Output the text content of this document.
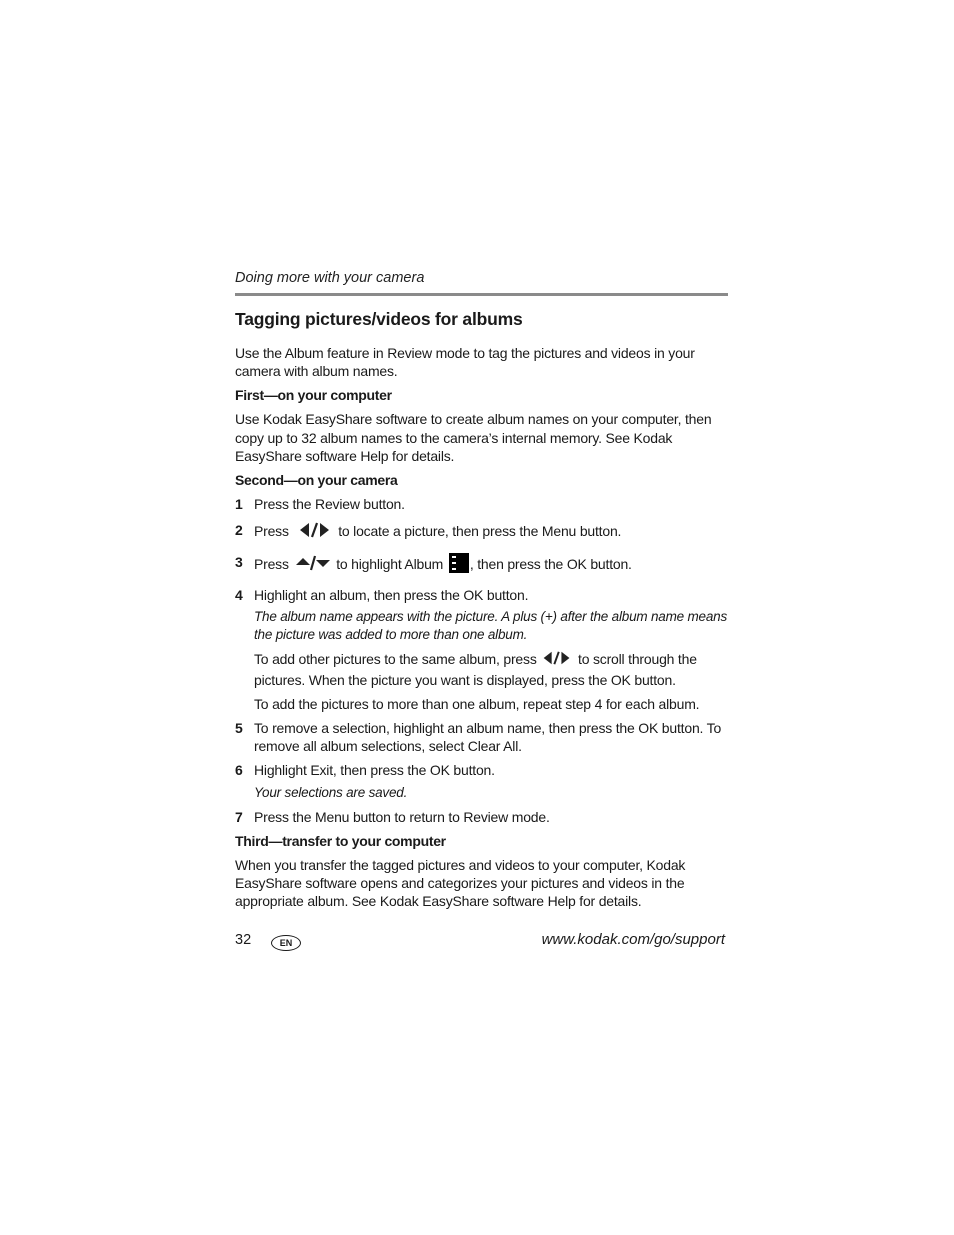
Doing more with your camera
Tagging pictures/videos for albums

Use the Album feature in Review mode to tag the pictures and videos in your camera with album names.

First—on your computer

Use Kodak EasyShare software to create album names on your computer, then copy up to 32 album names to the camera’s internal memory. See Kodak EasyShare software Help for details.

Second—on your camera
1 Press the Review button.
2 Press	to locate a picture, then press the Menu button.
3 Press	to highlight Album , then press the OK button.
4 Highlight an album, then press the OK button.

The album name appears with the picture. A plus (+) after the album name means the picture was added to more than one album.

To add other pictures to the same album, press	to scroll through the pictures. When the picture you want is displayed, press the OK button.

To add the pictures to more than one album, repeat step 4 for each album.

5 To remove a selection, highlight an album name, then press the OK button. To remove all album selections, select Clear All.
6 Highlight Exit, then press the OK button.

Your selections are saved.

7 Press the Menu button to return to Review mode.
Third—transfer to your computer

When you transfer the tagged pictures and videos to your computer, Kodak EasyShare software opens and categorizes your pictures and videos in the appropriate album. See Kodak EasyShare software Help for details.

32	EN	www.kodak.com/go/support
